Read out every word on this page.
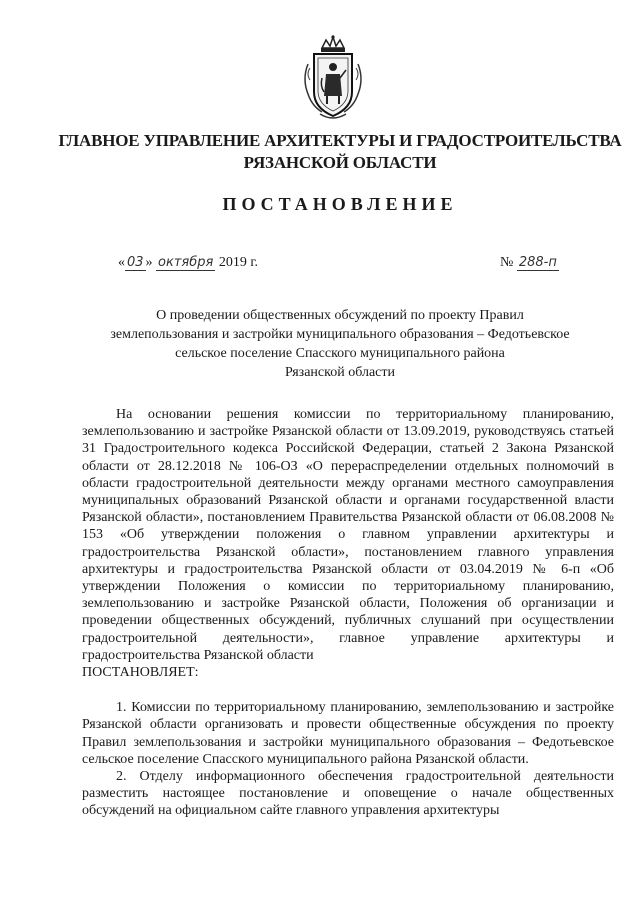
ГЛАВНОЕ УПРАВЛЕНИЕ АРХИТЕКТУРЫ И ГРАДОСТРОИТЕЛЬСТВА
РЯЗАНСКОЙ ОБЛАСТИ
ПОСТАНОВЛЕНИЕ
« 03 » октября 2019 г.	№ 288-п
О проведении общественных обсуждений по проекту Правил
землепользования и застройки муниципального образования – Федотьевское
сельское поселение Спасского муниципального района
Рязанской области

На основании решения комиссии по территориальному планированию, землепользованию и застройке Рязанской области от 13.09.2019, руководствуясь статьей 31 Градостроительного кодекса Российской Федерации, статьей 2 Закона Рязанской области от 28.12.2018 № 106-ОЗ «О перераспределении отдельных полномочий в области градостроительной деятельности между органами местного самоуправления муниципальных образований Рязанской области и органами государственной власти Рязанской области», постановлением Правительства Рязанской области от 06.08.2008 № 153 «Об утверждении положения о главном управлении архитектуры и градостроительства Рязанской области», постановлением главного управления архитектуры и градостроительства Рязанской области от 03.04.2019 № 6-п «Об утверждении Положения о комиссии по территориальному планированию, землепользованию и застройке Рязанской области, Положения об организации и проведении общественных обсуждений, публичных слушаний при осуществлении градостроительной деятельности», главное управление архитектуры и градостроительства Рязанской области

ПОСТАНОВЛЯЕТ:

1. Комиссии по территориальному планированию, землепользованию и застройке Рязанской области организовать и провести общественные обсуждения по проекту Правил землепользования и застройки муниципального образования – Федотьевское сельское поселение Спасского муниципального района Рязанской области.

2. Отделу информационного обеспечения градостроительной деятельности разместить настоящее постановление и оповещение о начале общественных обсуждений на официальном сайте главного управления архитектуры
